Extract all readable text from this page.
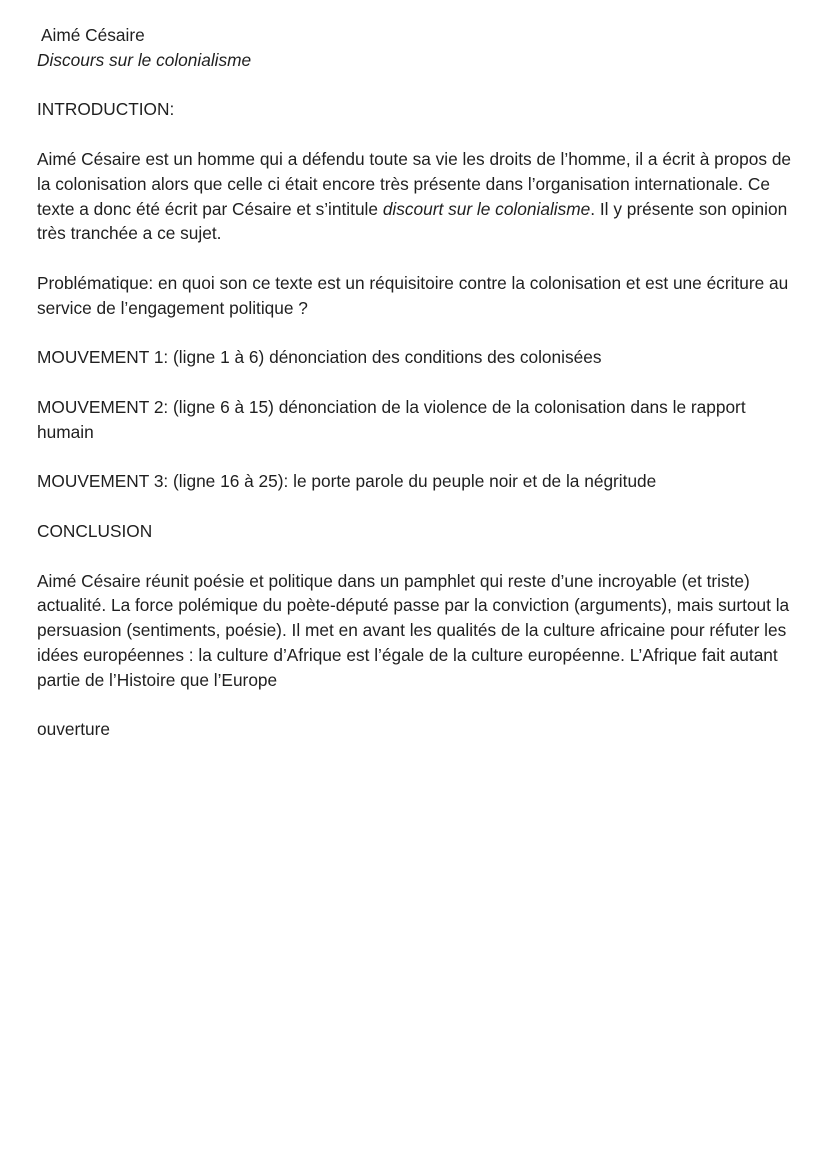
Aimé Césaire

Discours sur le colonialisme

INTRODUCTION:

Aimé Césaire est un homme qui a défendu toute sa vie les droits de l’homme, il a écrit à propos de la colonisation alors que celle ci était encore très présente dans l’organisation internationale. Ce texte a donc été écrit par Césaire et s’intitule discourt sur le colonialisme. Il y présente son opinion très tranchée a ce sujet.

Problématique: en quoi son ce texte est un réquisitoire contre la colonisation et est une écriture au service de l’engagement politique ?

MOUVEMENT 1: (ligne 1 à 6) dénonciation des conditions des colonisées

MOUVEMENT 2: (ligne 6 à 15) dénonciation de la violence de la colonisation dans le rapport humain

MOUVEMENT 3: (ligne 16 à 25): le porte parole du peuple noir et de la négritude

CONCLUSION

Aimé Césaire réunit poésie et politique dans un pamphlet qui reste d’une incroyable (et triste) actualité. La force polémique du poète-député passe par la conviction (arguments), mais surtout la persuasion (sentiments, poésie). Il met en avant les qualités de la culture africaine pour réfuter les idées européennes : la culture d’Afrique est l’égale de la culture européenne. L’Afrique fait autant partie de l’Histoire que l’Europe

ouverture
